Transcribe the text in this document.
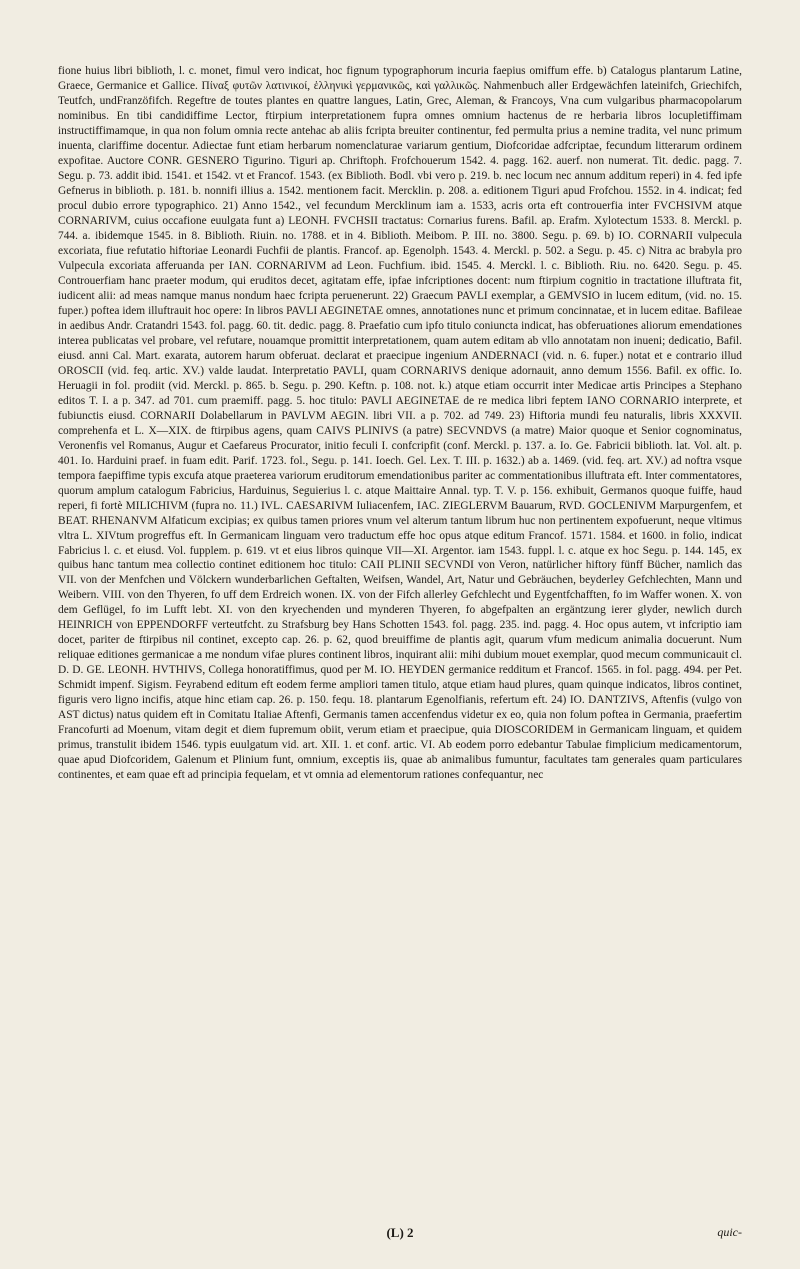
fione huius libri biblioth, l. c. monet, fimul vero indicat, hoc fignum typographorum incuria faepius omiffum effe. b) Catalogus plantarum Latine, Graece, Germanice et Gallice. Πίναξ φυτῶν λατινικοί, ἑλληνικὶ γερμανικῶς, καὶ γαλλικῶς. Nahmenbuch aller Erdgewächfen lateinifch, Griechifch, Teutfch, undFranzöfifch. Regeftre de toutes plantes en quattre langues, Latin, Grec, Aleman, & Francoys, Vna cum vulgaribus pharmacopolarum nominibus. En tibi candidiffime Lector, ftirpium interpretationem fupra omnes omnium hactenus de re herbaria libros locupletiffimam instructiffimamque, in qua non folum omnia recte antehac ab aliis fcripta breuiter continentur, fed permulta prius a nemine tradita, vel nunc primum inuenta, clariffime docentur. Adiectae funt etiam herbarum nomenclaturae variarum gentium, Diofcoridae adfcriptae, fecundum litterarum ordinem expofitae. Auctore CONR. GESNERO Tigurino. Tiguri ap. Chriftoph. Frofchouerum 1542. 4. pagg. 162. auerf. non numerat. Tit. dedic. pagg. 7. Segu. p. 73. addit ibid. 1541. et 1542. vt et Francof. 1543. (ex Biblioth. Bodl. vbi vero p. 219. b. nec locum nec annum additum reperi) in 4. fed ipfe Gefnerus in biblioth. p. 181. b. nonnifi illius a. 1542. mentionem facit. Mercklin. p. 208. a. editionem Tiguri apud Frofchou. 1552. in 4. indicat; fed procul dubio errore typographico. 21) Anno 1542., vel fecundum Mercklinum iam a. 1533, acris orta eft controuerfia inter FVCHSIVM atque CORNARIVM, cuius occafione euulgata funt a) LEONH. FVCHSII tractatus: Cornarius furens. Bafil. ap. Erafm. Xylotectum 1533. 8. Merckl. p. 744. a. ibidemque 1545. in 8. Biblioth. Riuin. no. 1788. et in 4. Biblioth. Meibom. P. III. no. 3800. Segu. p. 69. b) IO. CORNARII vulpecula excoriata, fiue refutatio hiftoriae Leonardi Fuchfii de plantis. Francof. ap. Egenolph. 1543. 4. Merckl. p. 502. a Segu. p. 45. c) Nitra ac brabyla pro Vulpecula excoriata afferuanda per IAN. CORNARIVM ad Leon. Fuchfium. ibid. 1545. 4. Merckl. l. c. Biblioth. Riu. no. 6420. Segu. p. 45. Controuerfiam hanc praeter modum, qui eruditos decet, agitatam effe, ipfae infcriptiones docent: num ftirpium cognitio in tractatione illuftrata fit, iudicent alii: ad meas namque manus nondum haec fcripta peruenerunt. 22) Graecum PAVLI exemplar, a GEMVSIO in lucem editum, (vid. no. 15. fuper.) poftea idem illuftrauit hoc opere: In libros PAVLI AEGINETAE omnes, annotationes nunc et primum concinnatae, et in lucem editae. Bafileae in aedibus Andr. Cratandri 1543. fol. pagg. 60. tit. dedic. pagg. 8. Praefatio cum ipfo titulo coniuncta indicat, has obferuationes aliorum emendationes interea publicatas vel probare, vel refutare, nouamque promittit interpretationem, quam autem editam ab vllo annotatam non inueni; dedicatio, Bafil. eiusd. anni Cal. Mart. exarata, autorem harum obferuat. declarat et praecipue ingenium ANDERNACI (vid. n. 6. fuper.) notat et e contrario illud OROSCII (vid. feq. artic. XV.) valde laudat. Interpretatio PAVLI, quam CORNARIVS denique adornauit, anno demum 1556. Bafil. ex offic. Io. Heruagii in fol. prodiit (vid. Merckl. p. 865. b. Segu. p. 290. Keftn. p. 108. not. k.) atque etiam occurrit inter Medicae artis Principes a Stephano editos T. I. a p. 347. ad 701. cum praemiff. pagg. 5. hoc titulo: PAVLI AEGINETAE de re medica libri feptem IANO CORNARIO interprete, et fubiunctis eiusd. CORNARII Dolabellarum in PAVLVM AEGIN. libri VII. a p. 702. ad 749. 23) Hiftoria mundi feu naturalis, libris XXXVII. comprehenfa et L. X—XIX. de ftirpibus agens, quam CAIVS PLINIVS (a patre) SECVNDVS (a matre) Maior quoque et Senior cognominatus, Veronenfis vel Romanus, Augur et Caefareus Procurator, initio feculi I. confcripfit (conf. Merckl. p. 137. a. Io. Ge. Fabricii biblioth. lat. Vol. alt. p. 401. Io. Harduini praef. in fuam edit. Parif. 1723. fol., Segu. p. 141. Ioech. Gel. Lex. T. III. p. 1632.) ab a. 1469. (vid. feq. art. XV.) ad noftra vsque tempora faepiffime typis excufa atque praeterea variorum eruditorum emendationibus pariter ac commentationibus illuftrata eft. Inter commentatores, quorum amplum catalogum Fabricius, Harduinus, Seguierius l. c. atque Maittaire Annal. typ. T. V. p. 156. exhibuit, Germanos quoque fuiffe, haud reperi, fi fortè MILICHIVM (fupra no. 11.) IVL. CAESARIVM Iuliacenfem, IAC. ZIEGLERVM Bauarum, RVD. GOCLENIVM Marpurgenfem, et BEAT. RHENANVM Alfaticum excipias; ex quibus tamen priores vnum vel alterum tantum librum huc non pertinentem expofuerunt, neque vltimus vltra L. XIVtum progreffus eft. In Germanicam linguam vero traductum effe hoc opus atque editum Francof. 1571. 1584. et 1600. in folio, indicat Fabricius l. c. et eiusd. Vol. fupplem. p. 619. vt et eius libros quinque VII—XI. Argentor. iam 1543. fuppl. l. c. atque ex hoc Segu. p. 144. 145, ex quibus hanc tantum mea collectio continet editionem hoc titulo: CAII PLINII SECVNDI von Veron, natürlicher hiftory fünff Bücher, namlich das VII. von der Menfchen und Völckern wunderbarlichen Geftalten, Weifsen, Wandel, Art, Natur und Gebräuchen, beyderley Gefchlechten, Mann und Weibern. VIII. von den Thyeren, fo uff dem Erdreich wonen. IX. von der Fifch allerley Gefchlecht und Eygentfchafften, fo im Waffer wonen. X. von dem Geflügel, fo im Lufft lebt. XI. von den kryechenden und mynderen Thyeren, fo abgefpalten an ergäntzung ierer glyder, newlich durch HEINRICH von EPPENDORFF verteutfcht. zu Strafsburg bey Hans Schotten 1543. fol. pagg. 235. ind. pagg. 4. Hoc opus autem, vt infcriptio iam docet, pariter de ftirpibus nil continet, excepto cap. 26. p. 62, quod breuiffime de plantis agit, quarum vfum medicum animalia docuerunt. Num reliquae editiones germanicae a me nondum vifae plures continent libros, inquirant alii: mihi dubium mouet exemplar, quod mecum communicauit cl. D. D. GE. LEONH. HVTHIVS, Collega honoratiffimus, quod per M. IO. HEYDEN germanice redditum et Francof. 1565. in fol. pagg. 494. per Pet. Schmidt impenf. Sigism. Feyrabend editum eft eodem ferme ampliori tamen titulo, atque etiam haud plures, quam quinque indicatos, libros continet, figuris vero ligno incifis, atque hinc etiam cap. 26. p. 150. fequ. 18. plantarum Egenolfianis, refertum eft. 24) IO. DANTZIVS, Aftenfis (vulgo von AST dictus) natus quidem eft in Comitatu Italiae Aftenfi, Germanis tamen accenfendus videtur ex eo, quia non folum poftea in Germania, praefertim Francofurti ad Moenum, vitam degit et diem fupremum obiit, verum etiam et praecipue, quia DIOSCORIDEM in Germanicam linguam, et quidem primus, transtulit ibidem 1546. typis euulgatum vid. art. XII. 1. et conf. artic. VI. Ab eodem porro edebantur Tabulae fimplicium medicamentorum, quae apud Diofcoridem, Galenum et Plinium funt, omnium, exceptis iis, quae ab animalibus fumuntur, facultates tam generales quam particulares continentes, et eam quae eft ad principia fequelam, et vt omnia ad elementorum rationes confequantur, nec

(L) 2	quic-
